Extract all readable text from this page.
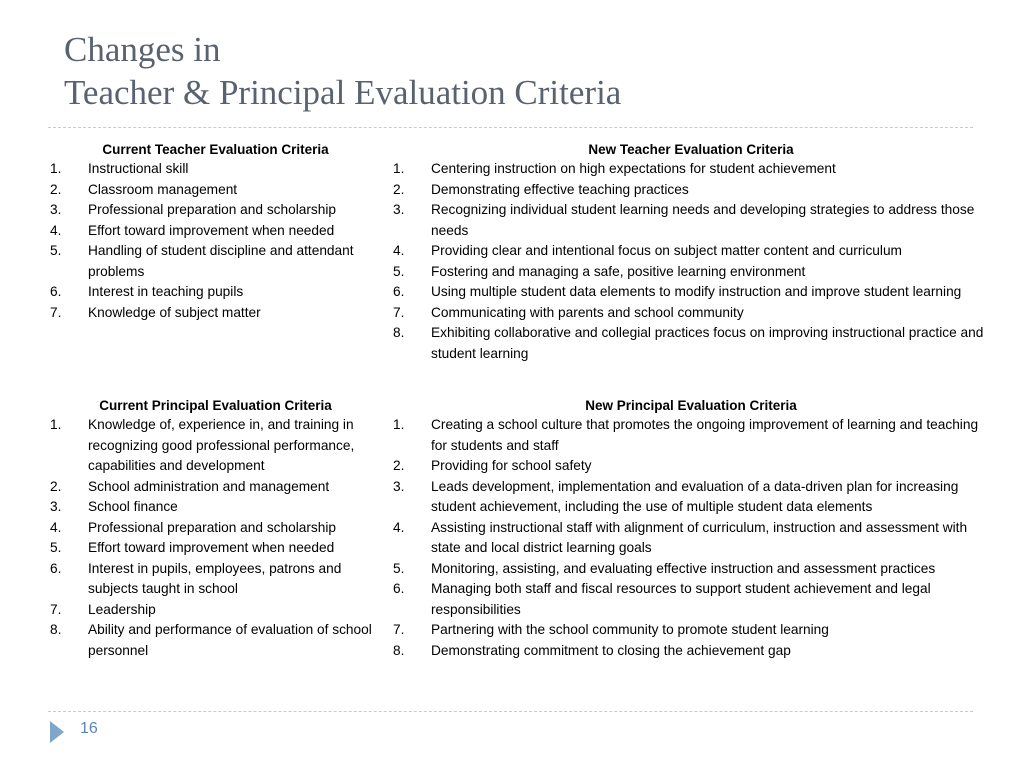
Changes in
Teacher & Principal Evaluation Criteria
Current Teacher Evaluation Criteria
1. Instructional skill
2. Classroom management
3. Professional preparation and scholarship
4. Effort toward improvement when needed
5. Handling of student discipline and attendant problems
6. Interest in teaching pupils
7. Knowledge of subject matter
New Teacher Evaluation Criteria
1. Centering instruction on high expectations for student achievement
2. Demonstrating effective teaching practices
3. Recognizing individual student learning needs and developing strategies to address those needs
4. Providing clear and intentional focus on subject matter content and curriculum
5. Fostering and managing a safe, positive learning environment
6. Using multiple student data elements to modify instruction and improve student learning
7. Communicating with parents and school community
8. Exhibiting collaborative and collegial practices focus on improving instructional practice and student learning
Current Principal Evaluation Criteria
1. Knowledge of, experience in, and training in recognizing good professional performance, capabilities and development
2. School administration and management
3. School finance
4. Professional preparation and scholarship
5. Effort toward improvement when needed
6. Interest in pupils, employees, patrons and subjects taught in school
7. Leadership
8. Ability and performance of evaluation of school personnel
New Principal Evaluation Criteria
1. Creating a school culture that promotes the ongoing improvement of learning and teaching for students and staff
2. Providing for school safety
3. Leads development, implementation and evaluation of a data-driven plan for increasing student achievement, including the use of multiple student data elements
4. Assisting instructional staff with alignment of curriculum, instruction and assessment with state and local district learning goals
5. Monitoring, assisting, and evaluating effective instruction and assessment practices
6. Managing both staff and fiscal resources to support student achievement and legal responsibilities
7. Partnering with the school community to promote student learning
8. Demonstrating commitment to closing the achievement gap
16
